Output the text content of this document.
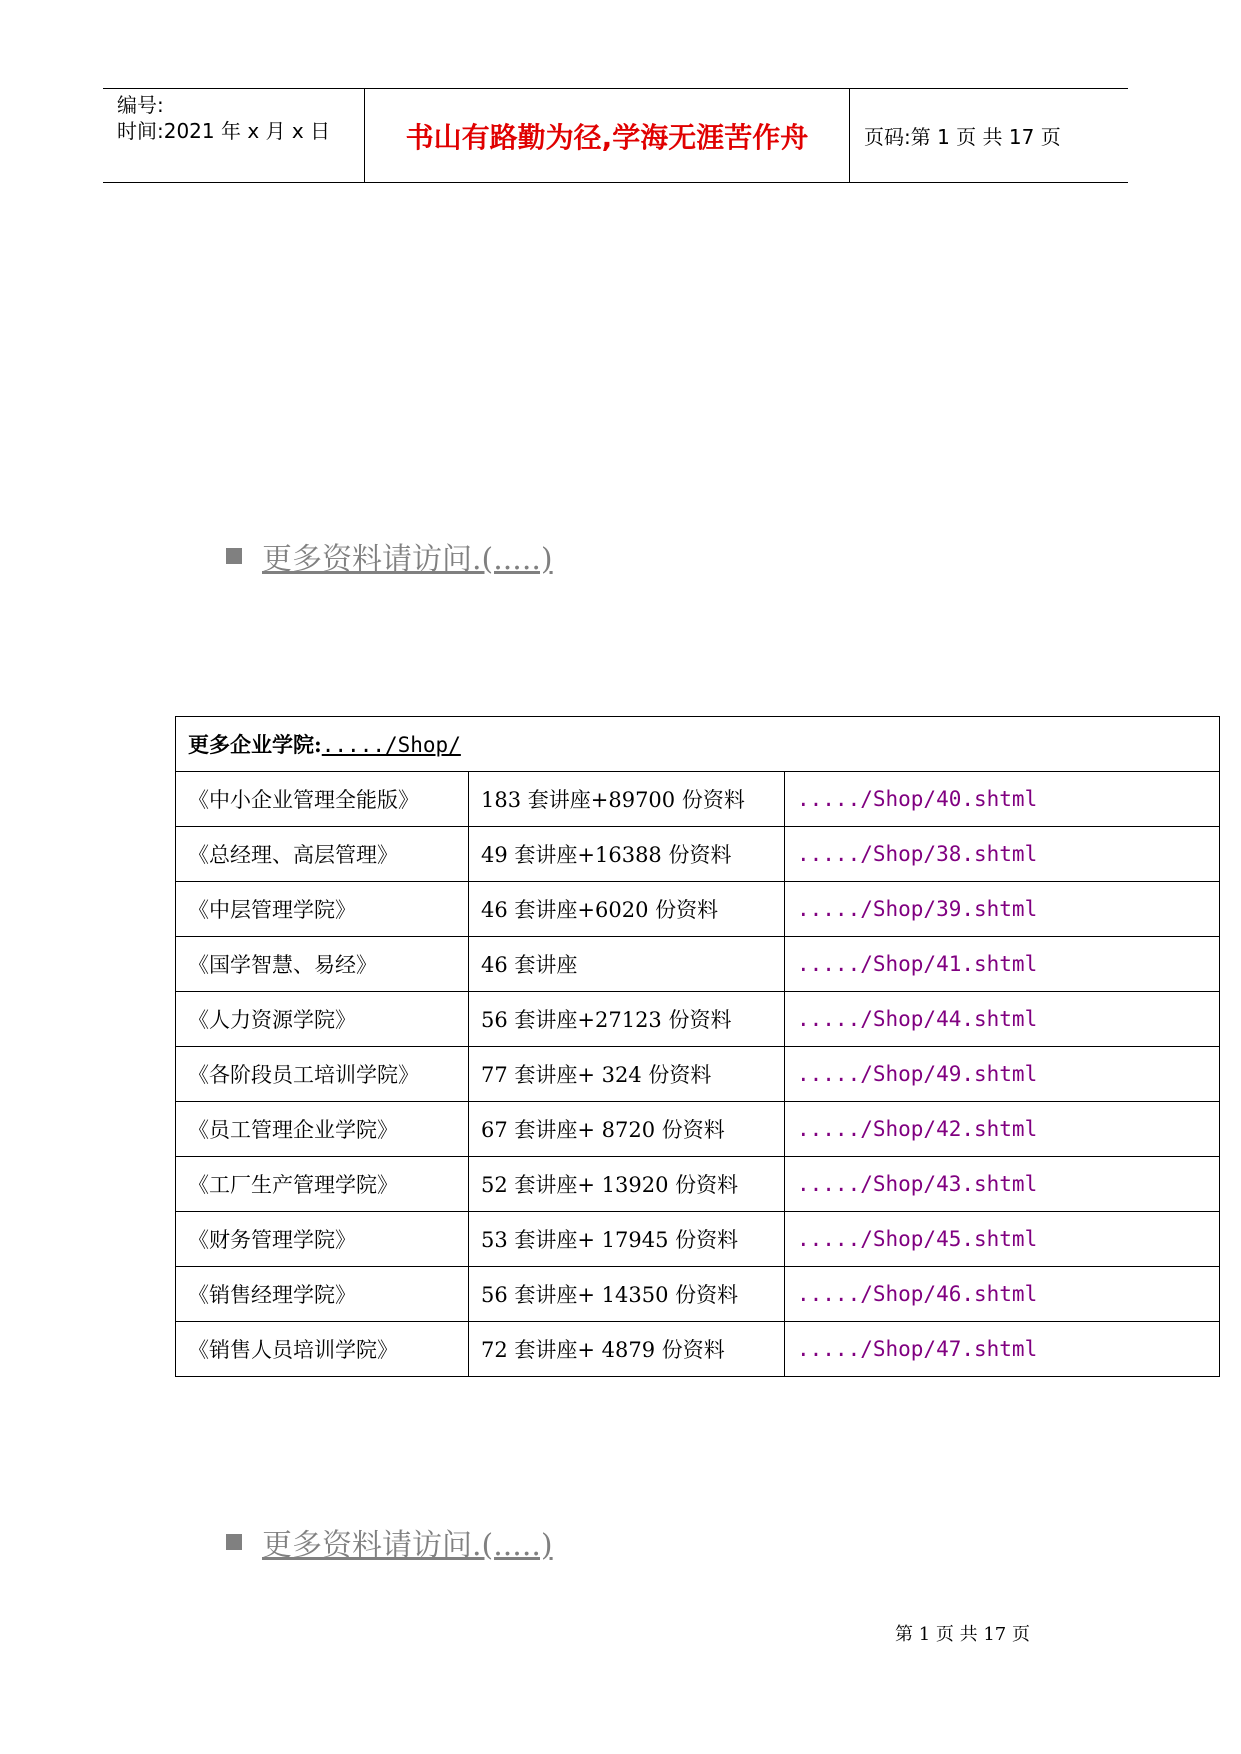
编号:
时间:2021 年 x 月 x 日	书山有路勤为径,学海无涯苦作舟	页码:第 1 页 共 17 页
更多资料请访问.(.....)
更多企业学院:...../Shop/		
《中小企业管理全能版》	183 套讲座+89700 份资料	...../Shop/40.shtml
《总经理、高层管理》	49 套讲座+16388 份资料	...../Shop/38.shtml
《中层管理学院》	46 套讲座+6020 份资料	...../Shop/39.shtml
《国学智慧、易经》	46 套讲座	...../Shop/41.shtml
《人力资源学院》	56 套讲座+27123 份资料	...../Shop/44.shtml
《各阶段员工培训学院》	77 套讲座+ 324 份资料	...../Shop/49.shtml
《员工管理企业学院》	67 套讲座+ 8720 份资料	...../Shop/42.shtml
《工厂生产管理学院》	52 套讲座+ 13920 份资料	...../Shop/43.shtml
《财务管理学院》	53 套讲座+ 17945 份资料	...../Shop/45.shtml
《销售经理学院》	56 套讲座+ 14350 份资料	...../Shop/46.shtml
《销售人员培训学院》	72 套讲座+ 4879 份资料	...../Shop/47.shtml
更多资料请访问.(.....)
第 1 页 共 17 页
